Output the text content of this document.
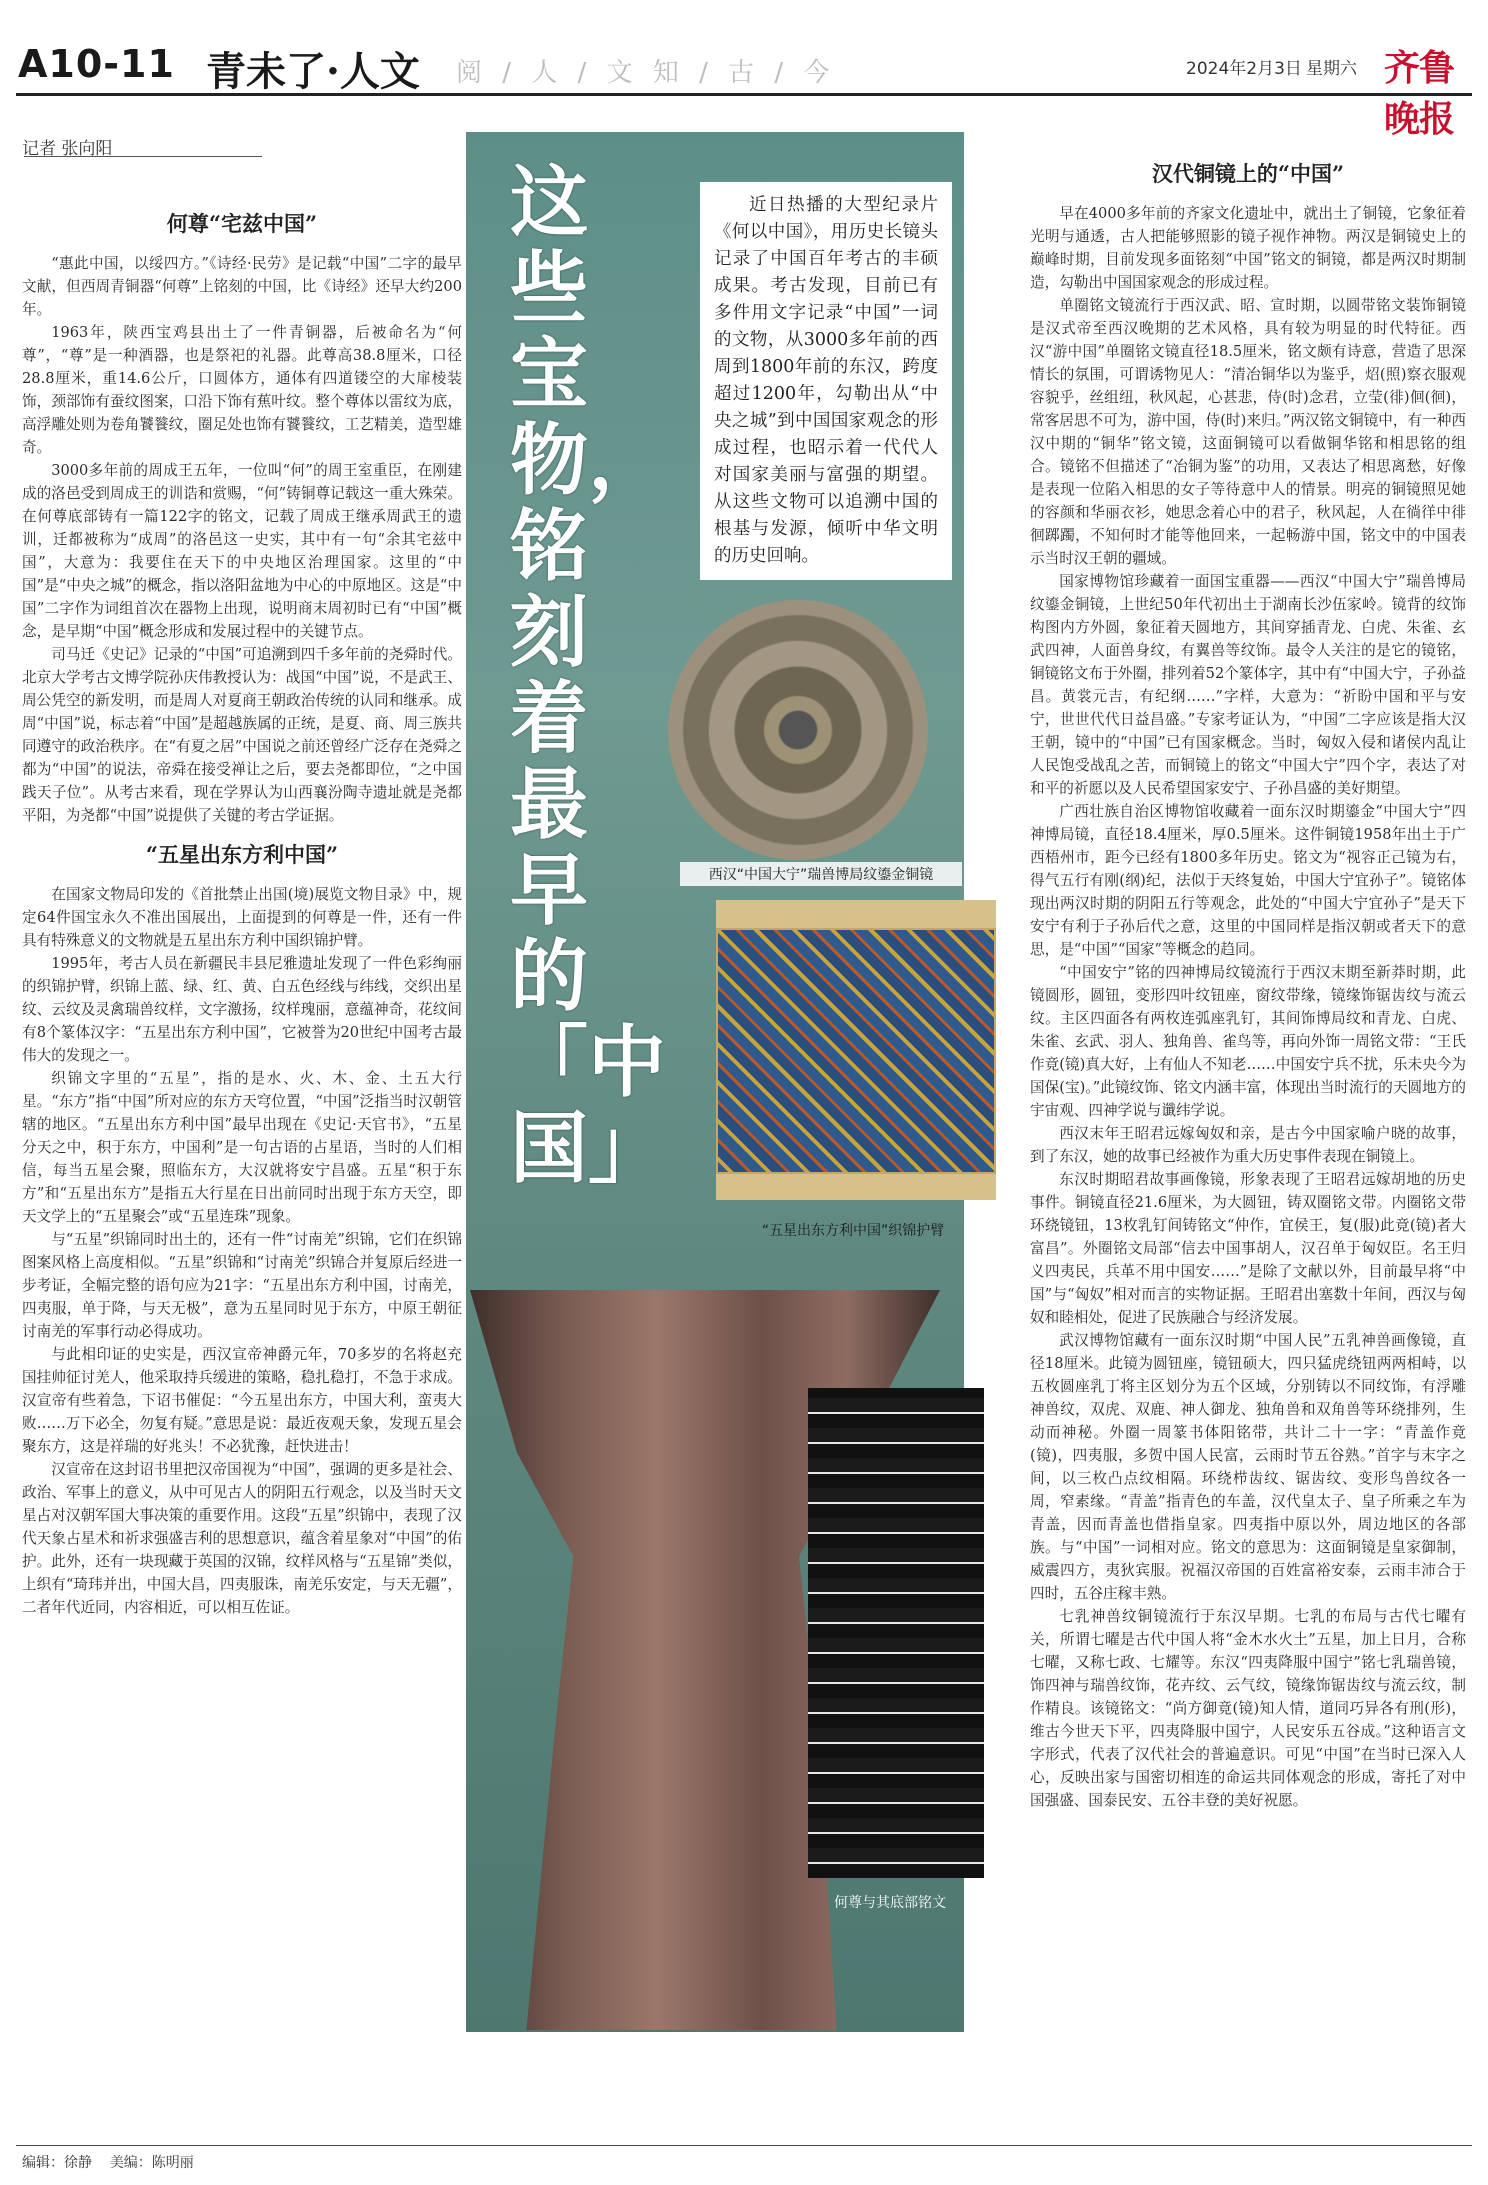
A10-11 青未了·人文 阅 / 人 / 文 知 / 古 / 今	2024年2月3日 星期六 齐鲁晚报
记者 张向阳
何尊“宅兹中国”

“惠此中国，以绥四方。”《诗经·民劳》是记载“中国”二字的最早文献，但西周青铜器“何尊”上铭刻的中国，比《诗经》还早大约200年。

1963年，陕西宝鸡县出土了一件青铜器，后被命名为“何尊”，“尊”是一种酒器，也是祭祀的礼器。此尊高38.8厘米，口径28.8厘米，重14.6公斤，口圆体方，通体有四道镂空的大扉棱装饰，颈部饰有蚕纹图案，口沿下饰有蕉叶纹。整个尊体以雷纹为底，高浮雕处则为卷角饕餮纹，圈足处也饰有饕餮纹，工艺精美，造型雄奇。

3000多年前的周成王五年，一位叫“何”的周王室重臣，在刚建成的洛邑受到周成王的训诰和赏赐，“何”铸铜尊记载这一重大殊荣。在何尊底部铸有一篇122字的铭文，记载了周成王继承周武王的遗训，迁都被称为“成周”的洛邑这一史实，其中有一句“余其宅兹中国”，大意为：我要住在天下的中央地区治理国家。这里的“中国”是“中央之城”的概念，指以洛阳盆地为中心的中原地区。这是“中国”二字作为词组首次在器物上出现，说明商末周初时已有“中国”概念，是早期“中国”概念形成和发展过程中的关键节点。

司马迁《史记》记录的“中国”可追溯到四千多年前的尧舜时代。北京大学考古文博学院孙庆伟教授认为：战国“中国”说，不是武王、周公凭空的新发明，而是周人对夏商王朝政治传统的认同和继承。成周“中国”说，标志着“中国”是超越族属的正统，是夏、商、周三族共同遵守的政治秩序。在“有夏之居”中国说之前还曾经广泛存在尧舜之都为“中国”的说法，帝舜在接受禅让之后，要去尧都即位，“之中国践天子位”。从考古来看，现在学界认为山西襄汾陶寺遗址就是尧都平阳，为尧都“中国”说提供了关键的考古学证据。

“五星出东方利中国”

在国家文物局印发的《首批禁止出国(境)展览文物目录》中，规定64件国宝永久不准出国展出，上面提到的何尊是一件，还有一件具有特殊意义的文物就是五星出东方利中国织锦护臂。

1995年，考古人员在新疆民丰县尼雅遗址发现了一件色彩绚丽的织锦护臂，织锦上蓝、绿、红、黄、白五色经线与纬线，交织出星纹、云纹及灵禽瑞兽纹样，文字激扬，纹样瑰丽，意蕴神奇，花纹间有8个篆体汉字：“五星出东方利中国”，它被誉为20世纪中国考古最伟大的发现之一。

织锦文字里的“五星”，指的是水、火、木、金、土五大行星。“东方”指“中国”所对应的东方天穹位置，“中国”泛指当时汉朝管辖的地区。“五星出东方利中国”最早出现在《史记·天官书》，“五星分天之中，积于东方，中国利”是一句古语的占星语，当时的人们相信，每当五星会聚，照临东方，大汉就将安宁昌盛。五星“积于东方”和“五星出东方”是指五大行星在日出前同时出现于东方天空，即天文学上的“五星聚会”或“五星连珠”现象。

与“五星”织锦同时出土的，还有一件“讨南羌”织锦，它们在织锦图案风格上高度相似。“五星”织锦和“讨南羌”织锦合并复原后经进一步考证，全幅完整的语句应为21字：“五星出东方利中国，讨南羌，四夷服，单于降，与天无极”，意为五星同时见于东方，中原王朝征讨南羌的军事行动必得成功。

与此相印证的史实是，西汉宣帝神爵元年，70多岁的名将赵充国挂帅征讨羌人，他采取持兵缓进的策略，稳扎稳打，不急于求成。汉宣帝有些着急，下诏书催促：“今五星出东方，中国大利，蛮夷大败……万下必全，勿复有疑。”意思是说：最近夜观天象，发现五星会聚东方，这是祥瑞的好兆头！不必犹豫，赶快进击！

汉宣帝在这封诏书里把汉帝国视为“中国”，强调的更多是社会、政治、军事上的意义，从中可见古人的阴阳五行观念，以及当时天文星占对汉朝军国大事决策的重要作用。这段“五星”织锦中，表现了汉代天象占星术和祈求强盛吉利的思想意识，蕴含着星象对“中国”的佑护。此外，还有一块现藏于英国的汉锦，纹样风格与“五星锦”类似，上织有“琦玮并出，中国大昌，四夷服诛，南羌乐安定，与天无疆”，二者年代近同，内容相近，可以相互佐证。

这些宝物，铭刻着最早的「中国」
近日热播的大型纪录片《何以中国》，用历史长镜头记录了中国百年考古的丰硕成果。考古发现，目前已有多件用文字记录“中国”一词的文物，从3000多年前的西周到1800年前的东汉，跨度超过1200年，勾勒出从“中央之城”到中国国家观念的形成过程，也昭示着一代代人对国家美丽与富强的期望。从这些文物可以追溯中国的根基与发源，倾听中华文明的历史回响。
西汉“中国大宁”瑞兽博局纹鎏金铜镜
“五星出东方利中国”织锦护臂
何尊与其底部铭文
汉代铜镜上的“中国”

早在4000多年前的齐家文化遗址中，就出土了铜镜，它象征着光明与通透，古人把能够照影的镜子视作神物。两汉是铜镜史上的巅峰时期，目前发现多面铭刻“中国”铭文的铜镜，都是两汉时期制造，勾勒出中国国家观念的形成过程。

单圈铭文镜流行于西汉武、昭、宣时期，以圆带铭文装饰铜镜是汉式帝至西汉晚期的艺术风格，具有较为明显的时代特征。西汉“游中国”单圈铭文镜直径18.5厘米，铭文颇有诗意，营造了思深情长的氛围，可谓诱物见人：“清冶铜华以为鉴乎，炤(照)察衣服观容貌乎，丝组纽，秋风起，心甚悲，侍(时)念君，立莹(徘)佪(徊)，常客居思不可为，游中国，侍(时)来归。”两汉铭文铜镜中，有一种西汉中期的“铜华”铭文镜，这面铜镜可以看做铜华铭和相思铭的组合。镜铭不但描述了“冶铜为鉴”的功用，又表达了相思离愁，好像是表现一位陷入相思的女子等待意中人的情景。明亮的铜镜照见她的容颜和华丽衣衫，她思念着心中的君子，秋风起，人在徜徉中徘徊踯躅，不知何时才能等他回来，一起畅游中国，铭文中的中国表示当时汉王朝的疆域。

国家博物馆珍藏着一面国宝重器——西汉“中国大宁”瑞兽博局纹鎏金铜镜，上世纪50年代初出土于湖南长沙伍家岭。镜背的纹饰构图内方外圆，象征着天圆地方，其间穿插青龙、白虎、朱雀、玄武四神，人面兽身纹，有翼兽等纹饰。最令人关注的是它的镜铭，铜镜铭文布于外圈，排列着52个篆体字，其中有“中国大宁，子孙益昌。黄裳元吉，有纪纲……”字样，大意为：“祈盼中国和平与安宁，世世代代日益昌盛。”专家考证认为，“中国”二字应该是指大汉王朝，镜中的“中国”已有国家概念。当时，匈奴入侵和诸侯内乱让人民饱受战乱之苦，而铜镜上的铭文“中国大宁”四个字，表达了对和平的祈愿以及人民希望国家安宁、子孙昌盛的美好期望。

广西壮族自治区博物馆收藏着一面东汉时期鎏金“中国大宁”四神博局镜，直径18.4厘米，厚0.5厘米。这件铜镜1958年出土于广西梧州市，距今已经有1800多年历史。铭文为“视容正己镜为右，得气五行有刚(纲)纪，法似于天终复始，中国大宁宜孙子”。镜铭体现出两汉时期的阴阳五行等观念，此处的“中国大宁宜孙子”是天下安宁有利于子孙后代之意，这里的中国同样是指汉朝或者天下的意思，是“中国”“国家”等概念的趋同。

“中国安宁”铭的四神博局纹镜流行于西汉末期至新莽时期，此镜圆形，圆钮，变形四叶纹钮座，窗纹带缘，镜缘饰锯齿纹与流云纹。主区四面各有两枚连弧座乳钉，其间饰博局纹和青龙、白虎、朱雀、玄武、羽人、独角兽、雀鸟等，再向外饰一周铭文带：“王氏作竟(镜)真大好，上有仙人不知老……中国安宁兵不扰，乐未央今为国保(宝)。”此镜纹饰、铭文内涵丰富，体现出当时流行的天圆地方的宇宙观、四神学说与谶纬学说。

西汉末年王昭君远嫁匈奴和亲，是古今中国家喻户晓的故事，到了东汉，她的故事已经被作为重大历史事件表现在铜镜上。

东汉时期昭君故事画像镜，形象表现了王昭君远嫁胡地的历史事件。铜镜直径21.6厘米，为大圆钮，铸双圈铭文带。内圈铭文带环绕镜钮，13枚乳钉间铸铭文“仲作，宜侯王，复(服)此竟(镜)者大富昌”。外圈铭文局部“信去中国事胡人，汉召单于匈奴臣。名王归义四夷民，兵革不用中国安……”是除了文献以外，目前最早将“中国”与“匈奴”相对而言的实物证据。王昭君出塞数十年间，西汉与匈奴和睦相处，促进了民族融合与经济发展。

武汉博物馆藏有一面东汉时期“中国人民”五乳神兽画像镜，直径18厘米。此镜为圆钮座，镜钮硕大，四只猛虎绕钮两两相峙，以五枚圆座乳丁将主区划分为五个区域，分别铸以不同纹饰，有浮雕神兽纹，双虎、双鹿、神人御龙、独角兽和双角兽等环绕排列，生动而神秘。外圈一周篆书体阳铭带，共计二十一字：“青盖作竟(镜)，四夷服，多贺中国人民富，云雨时节五谷熟。”首字与末字之间，以三枚凸点纹相隔。环绕栉齿纹、锯齿纹、变形鸟兽纹各一周，窄素缘。“青盖”指青色的车盖，汉代皇太子、皇子所乘之车为青盖，因而青盖也借指皇家。四夷指中原以外，周边地区的各部族。与“中国”一词相对应。铭文的意思为：这面铜镜是皇家御制，威震四方，夷狄宾服。祝福汉帝国的百姓富裕安泰，云雨丰沛合于四时，五谷庄稼丰熟。

七乳神兽纹铜镜流行于东汉早期。七乳的布局与古代七曜有关，所谓七曜是古代中国人将“金木水火土”五星，加上日月，合称七曜，又称七政、七耀等。东汉“四夷降服中国宁”铭七乳瑞兽镜，饰四神与瑞兽纹饰，花卉纹、云气纹，镜缘饰锯齿纹与流云纹，制作精良。该镜铭文：“尚方御竟(镜)知人情，道同巧异各有刑(形)，维古今世天下平，四夷降服中国宁，人民安乐五谷成。”这种语言文字形式，代表了汉代社会的普遍意识。可见“中国”在当时已深入人心，反映出家与国密切相连的命运共同体观念的形成，寄托了对中国强盛、国泰民安、五谷丰登的美好祝愿。

编辑：徐静 美编：陈明丽
